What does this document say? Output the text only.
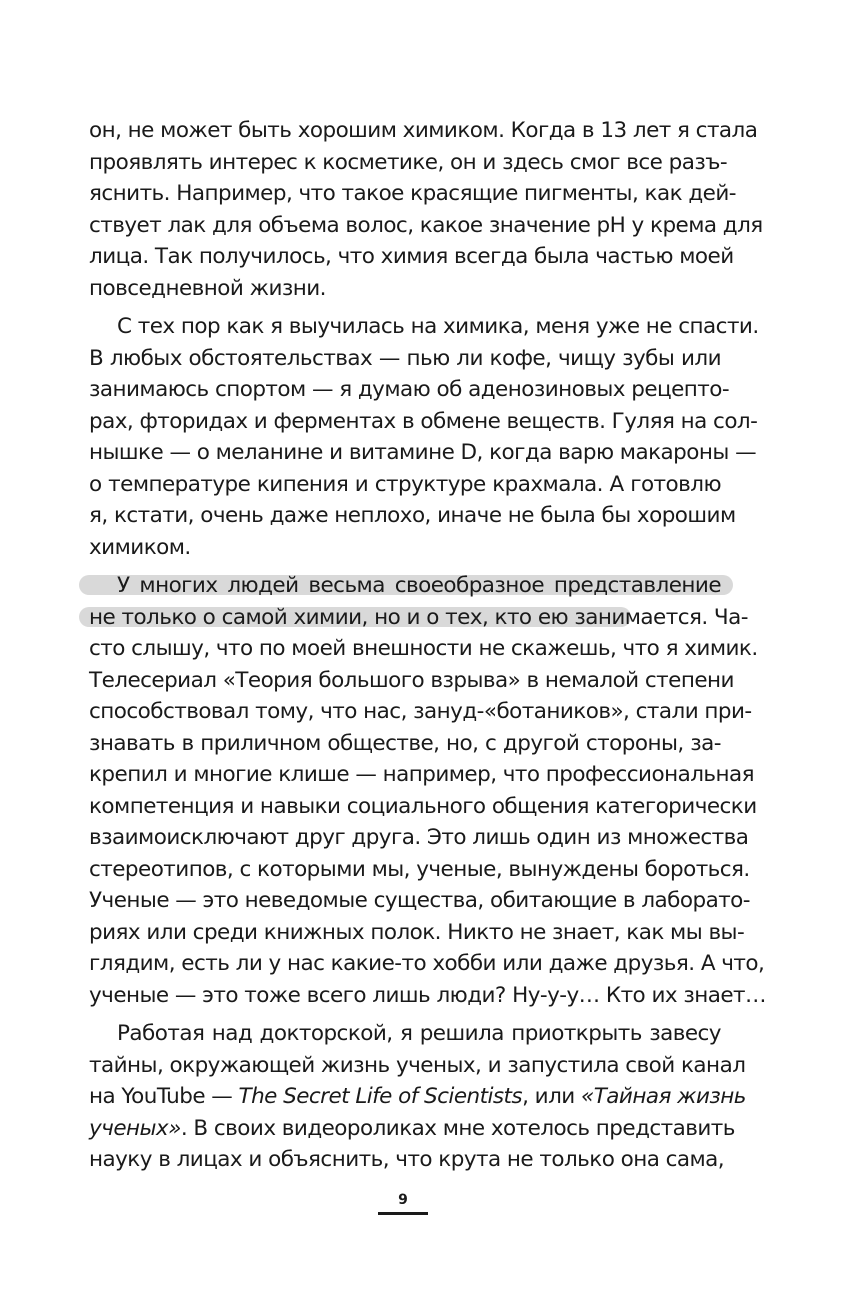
он, не может быть хорошим химиком. Когда в 13 лет я стала
проявлять интерес к косметике, он и здесь смог все разъ-
яснить. Например, что такое красящие пигменты, как дей-
ствует лак для объема волос, какое значение pH у крема для
лица. Так получилось, что химия всегда была частью моей
повседневной жизни.
С тех пор как я выучилась на химика, меня уже не спасти.
В любых обстоятельствах — пью ли кофе, чищу зубы или
занимаюсь спортом — я думаю об аденозиновых рецепто-
рах, фторидах и ферментах в обмене веществ. Гуляя на сол-
нышке — о меланине и витамине D, когда варю макароны —
о температуре кипения и структуре крахмала. А готовлю
я, кстати, очень даже неплохо, иначе не была бы хорошим
химиком.
У многих людей весьма своеобразное представление
не только о самой химии, но и о тех, кто ею занимается. Ча-
сто слышу, что по моей внешности не скажешь, что я химик.
Телесериал «Теория большого взрыва» в немалой степени
способствовал тому, что нас, зануд-«ботаников», стали при-
знавать в приличном обществе, но, с другой стороны, за-
крепил и многие клише — например, что профессиональная
компетенция и навыки социального общения категорически
взаимоисключают друг друга. Это лишь один из множества
стереотипов, с которыми мы, ученые, вынуждены бороться.
Ученые — это неведомые существа, обитающие в лаборато-
риях или среди книжных полок. Никто не знает, как мы вы-
глядим, есть ли у нас какие-то хобби или даже друзья. А что,
ученые — это тоже всего лишь люди? Ну-у-у… Кто их знает…
Работая над докторской, я решила приоткрыть завесу
тайны, окружающей жизнь ученых, и запустила свой канал
на YouTube — The Secret Life of Scientists, или «Тайная жизнь
ученых». В своих видеороликах мне хотелось представить
науку в лицах и объяснить, что крута не только она сама,
9
